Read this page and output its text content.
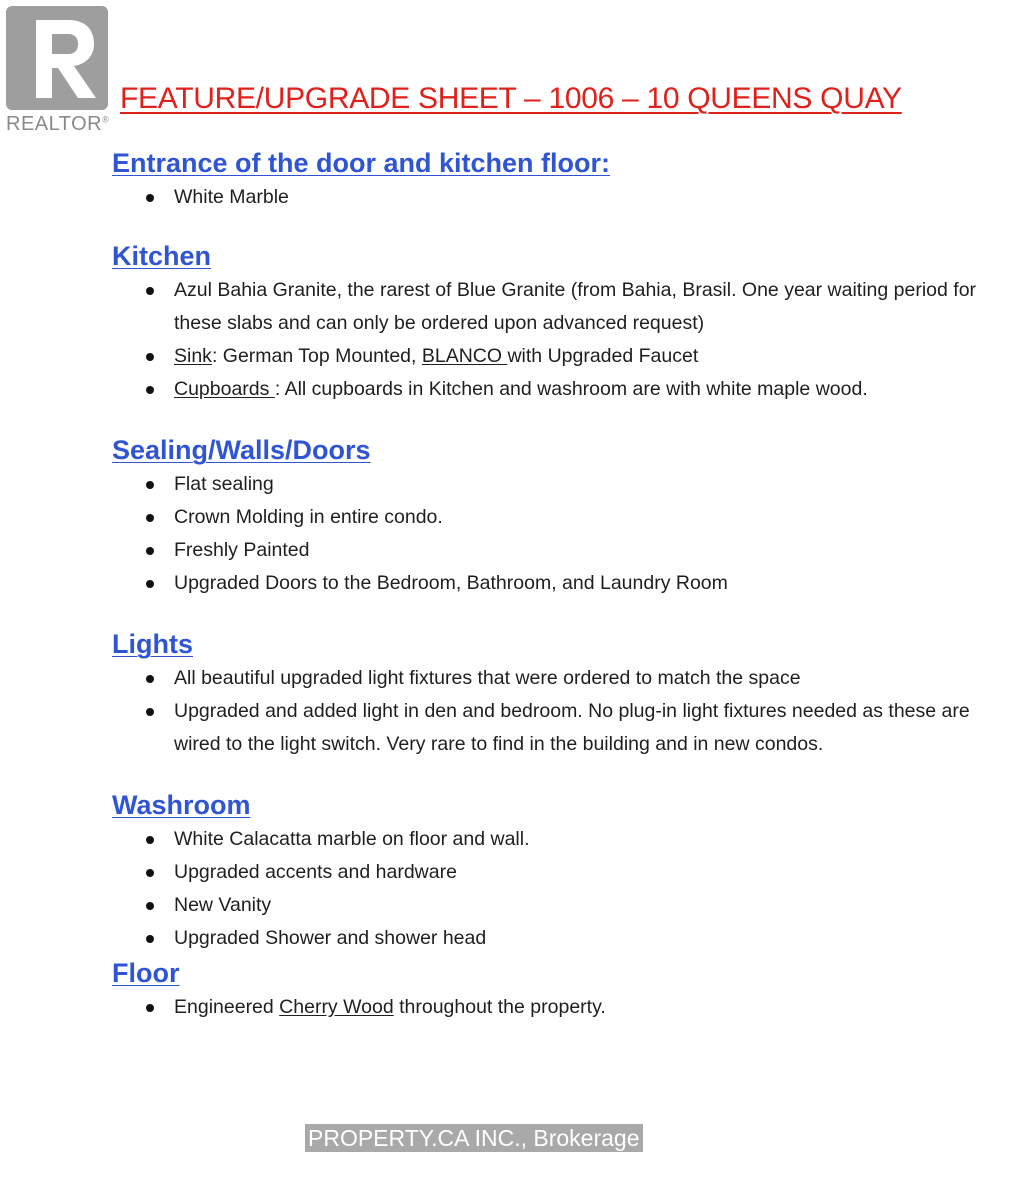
REALTOR®
FEATURE/UPGRADE SHEET – 1006 – 10 QUEENS QUAY
Entrance of the door and kitchen floor:
White Marble
Kitchen
Azul Bahia Granite, the rarest of Blue Granite (from Bahia, Brasil. One year waiting period for these slabs and can only be ordered upon advanced request)
Sink: German Top Mounted, BLANCO with Upgraded Faucet
Cupboards : All cupboards in Kitchen and washroom are with white maple wood.
Sealing/Walls/Doors
Flat sealing
Crown Molding in entire condo.
Freshly Painted
Upgraded Doors to the Bedroom, Bathroom, and Laundry Room
Lights
All beautiful upgraded light fixtures that were ordered to match the space
Upgraded and added light in den and bedroom. No plug-in light fixtures needed as these are wired to the light switch. Very rare to find in the building and in new condos.
Washroom
White Calacatta marble on floor and wall.
Upgraded accents and hardware
New Vanity
Upgraded Shower and shower head
Floor
Engineered Cherry Wood throughout the property.
PROPERTY.CA INC., Brokerage
